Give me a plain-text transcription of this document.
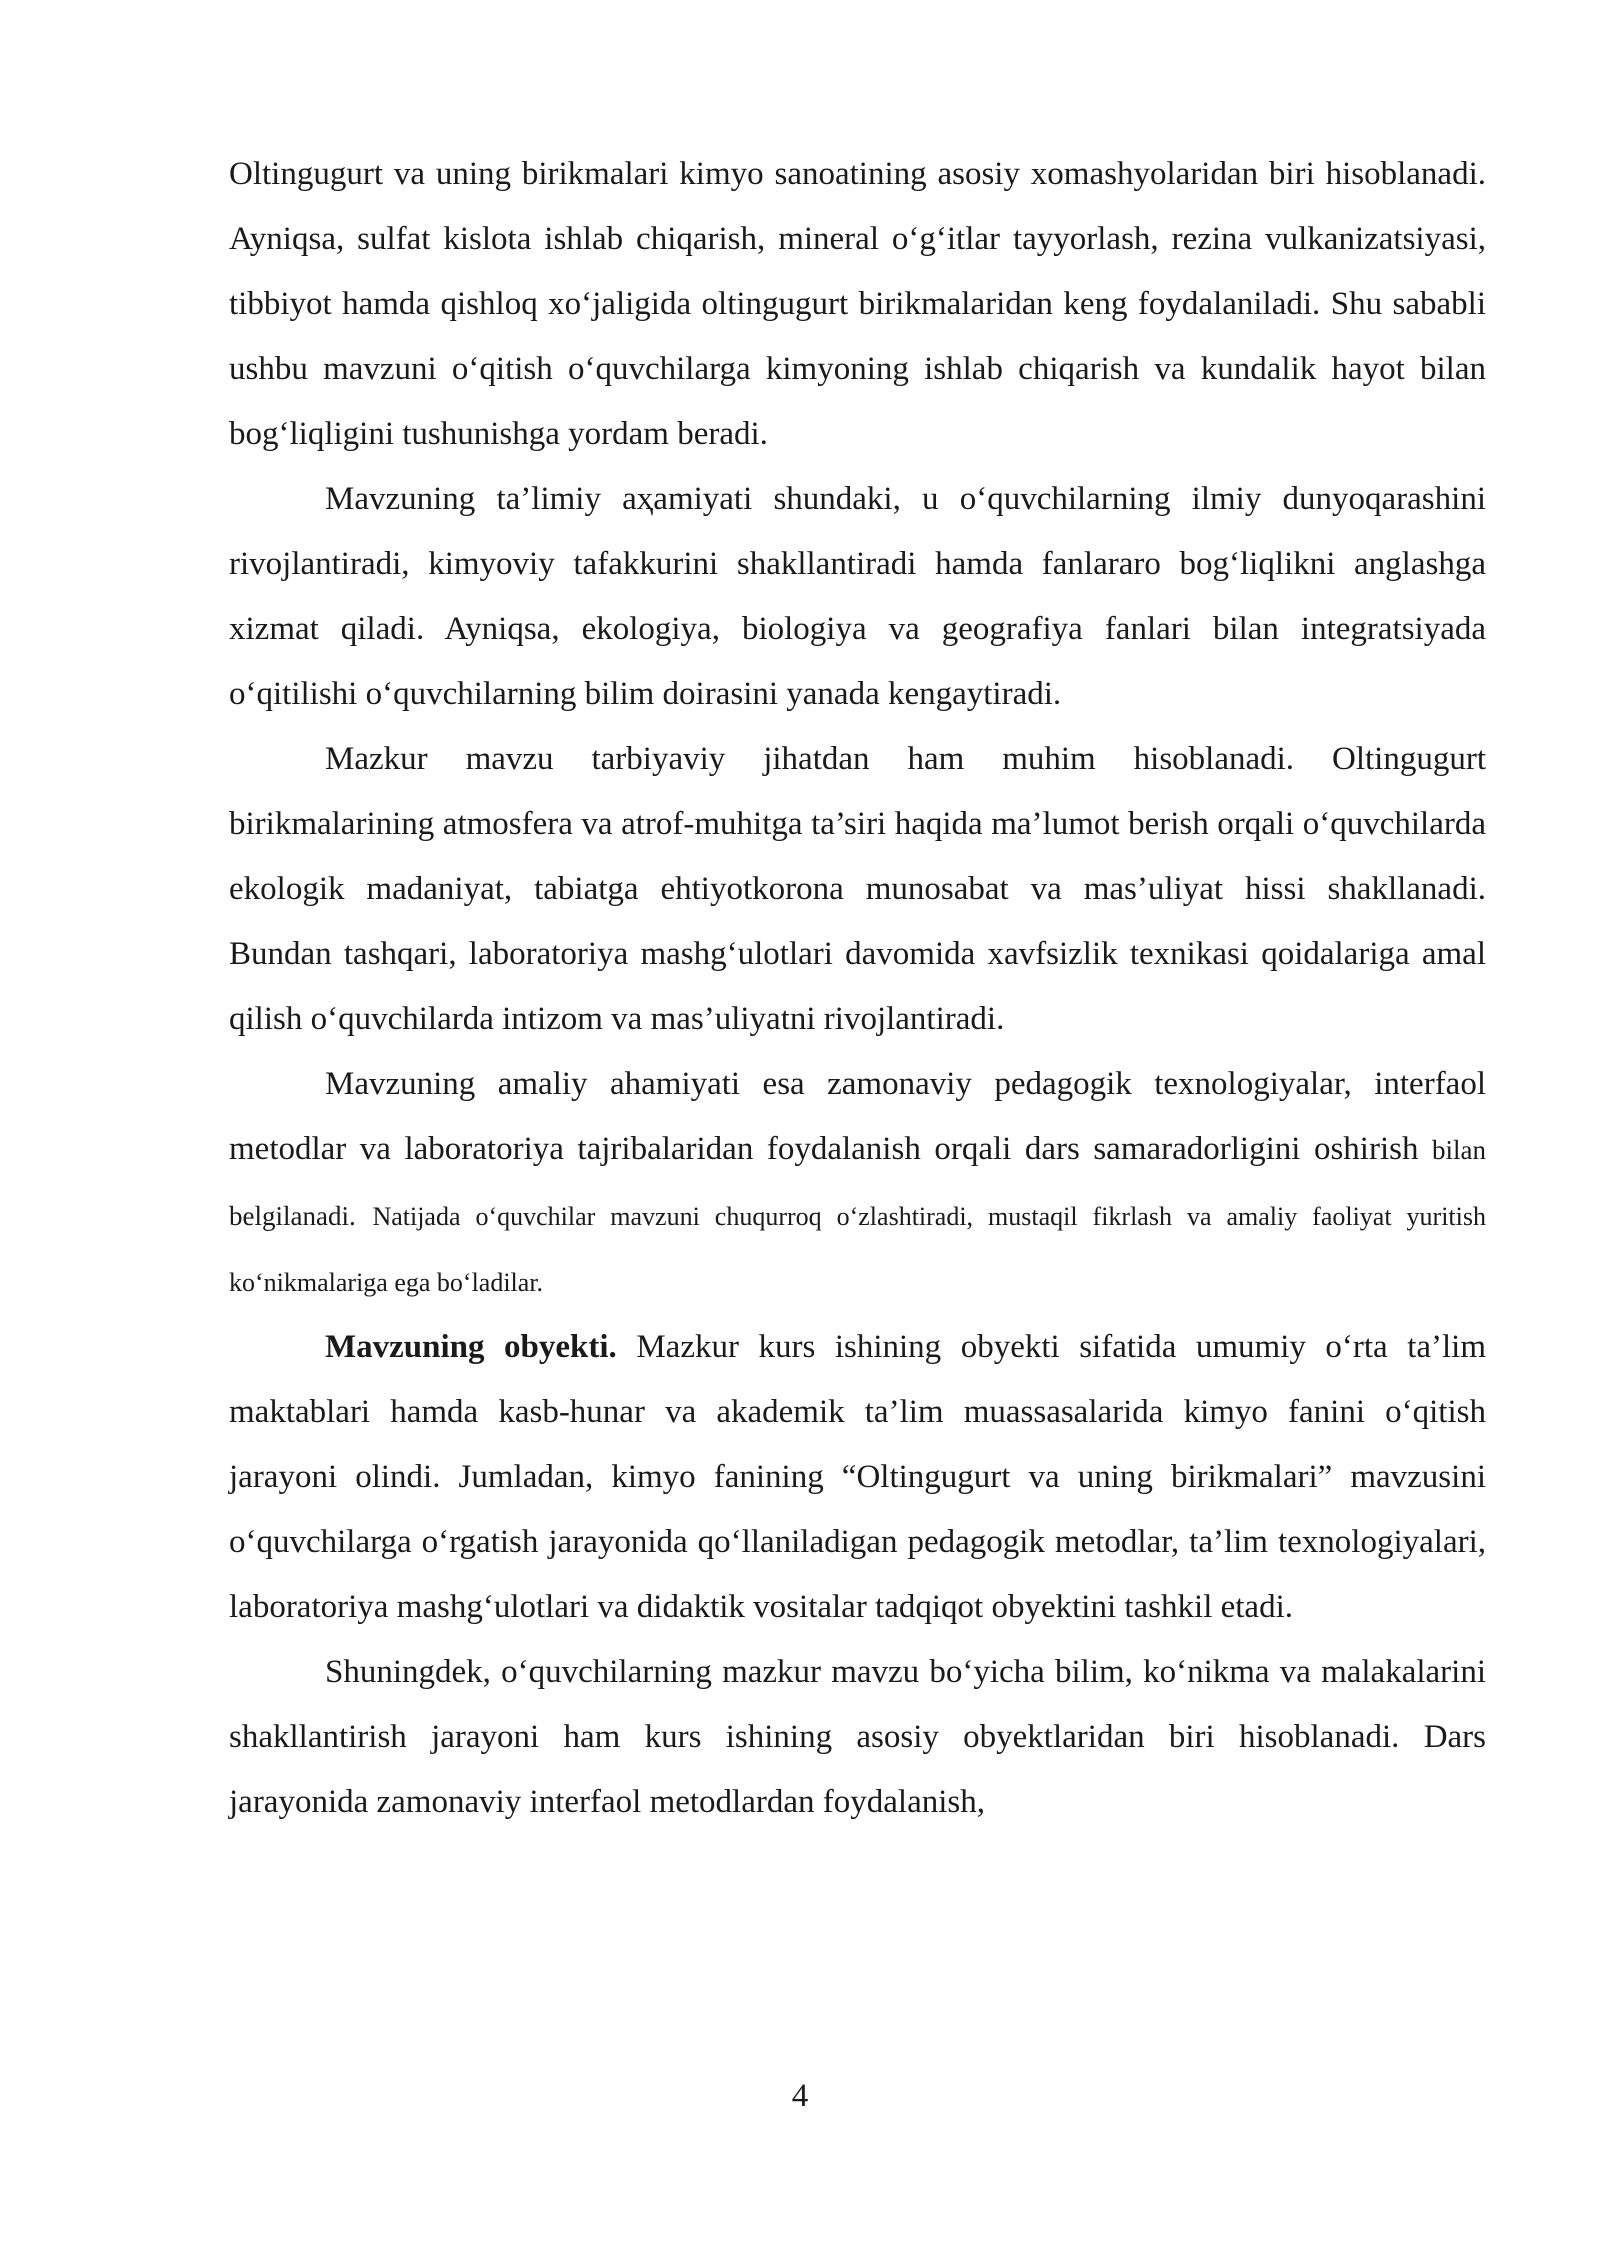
Oltingugurt va uning birikmalari kimyo sanoatining asosiy xomashyolaridan biri hisoblanadi. Ayniqsa, sulfat kislota ishlab chiqarish, mineral o‘g‘itlar tayyorlash, rezina vulkanizatsiyasi, tibbiyot hamda qishloq xo‘jaligida oltingugurt birikmalaridan keng foydalaniladi. Shu sababli ushbu mavzuni o‘qitish o‘quvchilarga kimyoning ishlab chiqarish va kundalik hayot bilan bog‘liqligini tushunishga yordam beradi.

Mavzuning ta’limiy aҳamiyati shundaki, u o‘quvchilarning ilmiy dunyoqarashini rivojlantiradi, kimyoviy tafakkurini shakllantiradi hamda fanlararo bog‘liqlikni anglashga xizmat qiladi. Ayniqsa, ekologiya, biologiya va geografiya fanlari bilan integratsiyada o‘qitilishi o‘quvchilarning bilim doirasini yanada kengaytiradi.

Mazkur mavzu tarbiyaviy jihatdan ham muhim hisoblanadi. Oltingugurt birikmalarining atmosfera va atrof-muhitga ta’siri haqida ma’lumot berish orqali o‘quvchilarda ekologik madaniyat, tabiatga ehtiyotkorona munosabat va mas’uliyat hissi shakllanadi. Bundan tashqari, laboratoriya mashg‘ulotlari davomida xavfsizlik texnikasi qoidalariga amal qilish o‘quvchilarda intizom va mas’uliyatni rivojlantiradi.

Mavzuning amaliy ahamiyati esa zamonaviy pedagogik texnologiyalar, interfaol metodlar va laboratoriya tajribalaridan foydalanish orqali dars samaradorligini oshirish bilan belgilanadi. Natijada o‘quvchilar mavzuni chuqurroq o‘zlashtiradi, mustaqil fikrlash va amaliy faoliyat yuritish ko‘nikmalariga ega bo‘ladilar.

Mavzuning obyekti. Mazkur kurs ishining obyekti sifatida umumiy o‘rta ta’lim maktablari hamda kasb-hunar va akademik ta’lim muassasalarida kimyo fanini o‘qitish jarayoni olindi. Jumladan, kimyo fanining “Oltingugurt va uning birikmalari” mavzusini o‘quvchilarga o‘rgatish jarayonida qo‘llaniladigan pedagogik metodlar, ta’lim texnologiyalari, laboratoriya mashg‘ulotlari va didaktik vositalar tadqiqot obyektini tashkil etadi.

Shuningdek, o‘quvchilarning mazkur mavzu bo‘yicha bilim, ko‘nikma va malakalarini shakllantirish jarayoni ham kurs ishining asosiy obyektlaridan biri hisoblanadi. Dars jarayonida zamonaviy interfaol metodlardan foydalanish,

4
